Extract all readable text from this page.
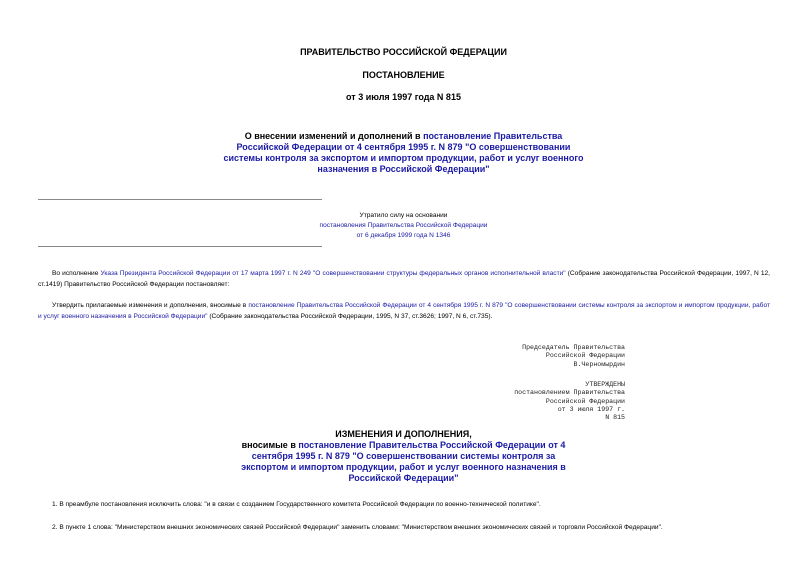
ПРАВИТЕЛЬСТВО РОССИЙСКОЙ ФЕДЕРАЦИИ
ПОСТАНОВЛЕНИЕ
от 3 июля 1997 года N 815
О внесении изменений и дополнений в постановление Правительства Российской Федерации от 4 сентября 1995 г. N 879 "О совершенствовании системы контроля за экспортом и импортом продукции, работ и услуг военного назначения в Российской Федерации"
Утратило силу на основании
постановления Правительства Российской Федерации
от 6 декабря 1999 года N 1346
Во исполнение Указа Президента Российской Федерации от 17 марта 1997 г. N 249 "О совершенствовании структуры федеральных органов исполнительной власти" (Собрание законодательства Российской Федерации, 1997, N 12, ст.1419) Правительство Российской Федерации постановляет:
Утвердить прилагаемые изменения и дополнения, вносимые в постановление Правительства Российской Федерации от 4 сентября 1995 г. N 879 "О совершенствовании системы контроля за экспортом и импортом продукции, работ и услуг военного назначения в Российской Федерации" (Собрание законодательства Российской Федерации, 1995, N 37, ст.3626; 1997, N 6, ст.735).
Председатель Правительства
Российской Федерации
В.Черномырдин
УТВЕРЖДЕНЫ
постановлением Правительства
Российской Федерации
от 3 июля 1997 г.
N 815
ИЗМЕНЕНИЯ И ДОПОЛНЕНИЯ,
вносимые в постановление Правительства Российской Федерации от 4 сентября 1995 г. N 879 "О совершенствовании системы контроля за экспортом и импортом продукции, работ и услуг военного назначения в Российской Федерации"
1. В преамбуле постановления исключить слова: "и в связи с созданием Государственного комитета Российской Федерации по военно-технической политике".
2. В пункте 1 слова: "Министерством внешних экономических связей Российской Федерации" заменить словами: "Министерством внешних экономических связей и торговли Российской Федерации".
